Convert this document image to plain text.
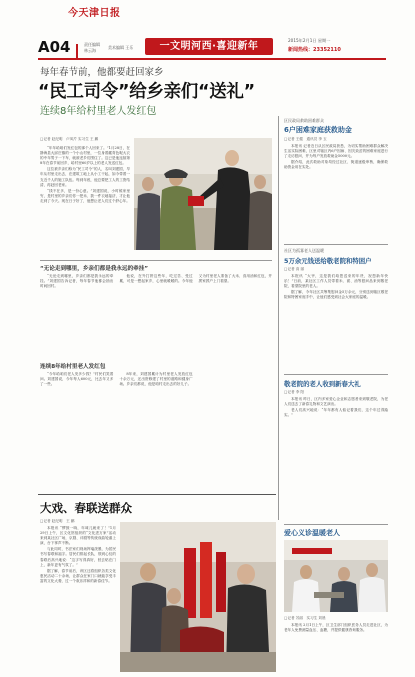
今天津日报
A04	责任编辑
林云海
美术编辑 王乐	一文明河西·喜迎新年
2015年2月1日 星期一
新闻热线：23352110
每年春节前，他都要赶回家乡
“民工司令”给乡亲们“送礼”
连续8年给村里老人发红包
□记者 赵纪明　卢凤芹 实习生 王 鹏

“年年给咱们发红包的那个人回来了。”1月28日，在静海县大邱庄镇的一个小山村里，一位身着藏青色呢大衣的中年男子一下车，就被老乡们围住了。这已是他连续第8年在春节前回乡，给村里60岁以上的老人发送红包。

这位被乡亲们称为“民工司令”的人，名叫刘建国，早年从村里走出去，在建筑工地上从小工干起，如今带着一支近千人的施工队伍。每到年底，他总要把工人的工资结清，再赶回老家。

“钱不在多，是一份心意。”刘建国说，小时候家里穷，是村里的乡亲们你一把米、我一件衣地接济，才让他走到了今天。现在日子好了，他想让老人们过个舒心年。

“无论走到哪里，乡亲们都是我永远的牵挂”

“无论走到哪里，乡亲们都是我永远的牵挂。”刘建国告诉记者，每年春节他都会抽出时间回村。

他说，在外打拼这些年，吃过苦、受过累，可是一想起家乡，心里就暖暖的。今年他又为村里老人准备了大米、食用油和红包，并挨家挨户上门看望。

连续8年给村里老人发红包

“今年给咱们老人发多少钱？”村民们笑着问。刘建国说，今年每人600元，比去年又多了一些。

8年来，刘建国累计为村里老人发放红包十余万元，还出资修建了村里的道路和健身广场。乡亲们都说，他是咱村走出去的好儿子。

区民政局救助困难群众
6户困难家庭获救助金
□记者 王健　通讯员 李 玉

本报讯 记者近日从区民政局获悉，为切实帮助困难群众解决生活实际困难，区里对辖区内6户因病、因灾致贫的困难家庭进行了走访慰问，并为每户发放救助金5000元。

据介绍，此次救助对象均经过社区、街道逐级审核，确保救助资金用在实处。

社区为孤寡老人送温暖
5万余元钱送给敬老院和特困户
□记者 高 丽

本报讯 “大爷，这是我们给您送来的年货，祝您新年快乐！”日前，某社区工作人员带着米、面、油等慰问品来到敬老院，看望院里的老人。

据了解，今年社区共筹集慰问金5万余元，分别送到辖区敬老院和特困家庭手中，让他们感受到社会大家庭的温暖。

敬老院的老人收到新春大礼
□记者 李 阳

本报讯 昨日，区内多家爱心企业和志愿者来到敬老院，为老人们送去了新春礼物和文艺演出。

老人们高兴地说：“年年都有人惦记着我们，这个年过得踏实。”

大戏、春联送群众
□记者 赵纪明　王 鹏

本报讯 “锣鼓一响，年味儿就来了！”1月29日上午，区文化馆组织的“文化进万家”活动来到某社区广场，京剧、评剧等传统戏曲轮番上演，台下掌声不断。

与此同时，书法家们现场挥毫泼墨，为居民书写春联和福字。居民们排起长队，领到心仪的春联后高兴地说：“这字写得真好，回去贴在门上，新年更有气氛了。”

据了解，春节前后，该区还将组织各类文化惠民活动二十余场，让群众在家门口就能享受丰富的文化大餐，过一个欢乐祥和的新春佳节。

爱心义诊温暖老人
□记者 苏丽　实习生 刘晨

本报讯 2月1日上午，区卫生部门组织医务人员走进社区，为老年人免费测量血压、血糖，并提供健康咨询服务。
